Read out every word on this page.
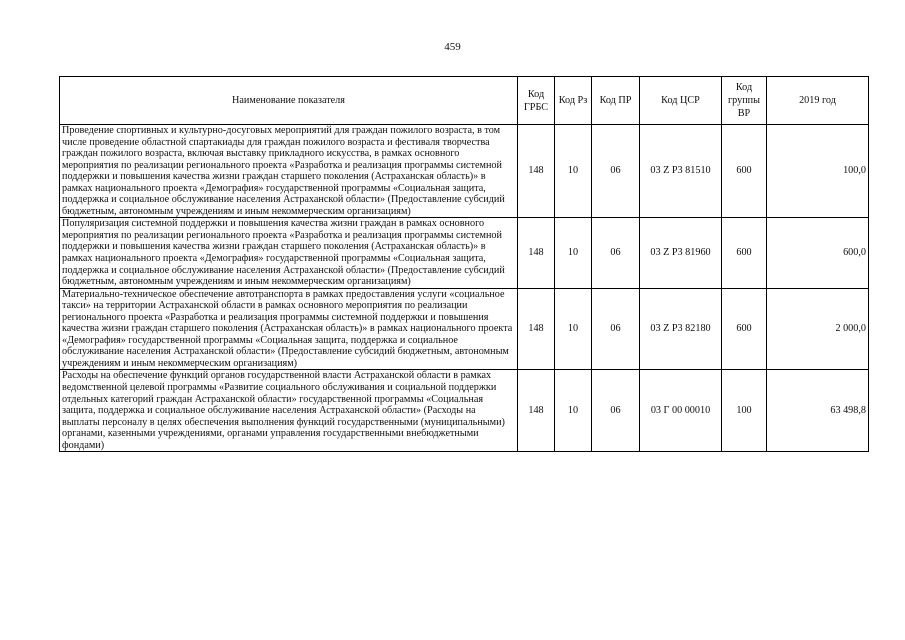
459
Наименование показателя	Код ГРБС	Код Рз	Код ПР	Код ЦСР	Код группы ВР	2019 год
Проведение спортивных и культурно-досуговых мероприятий для граждан пожилого возраста, в том числе проведение областной спартакиады для граждан пожилого возраста и фестиваля творчества граждан пожилого возраста, включая выставку прикладного искусства, в рамках основного мероприятия по реализации регионального проекта «Разработка и реализация программы системной поддержки и повышения качества жизни граждан старшего поколения (Астраханская область)» в рамках национального проекта «Демография» государственной программы «Социальная защита, поддержка и социальное обслуживание населения Астраханской области» (Предоставление субсидий бюджетным, автономным учреждениям и иным некоммерческим организациям)	148	10	06	03 Z P3 81510	600	100,0
Популяризация системной поддержки и повышения качества жизни граждан в рамках основного мероприятия по реализации регионального проекта «Разработка и реализация программы системной поддержки и повышения качества жизни граждан старшего поколения (Астраханская область)» в рамках национального проекта «Демография» государственной программы «Социальная защита, поддержка и социальное обслуживание населения Астраханской области» (Предоставление субсидий бюджетным, автономным учреждениям и иным некоммерческим организациям)	148	10	06	03 Z P3 81960	600	600,0
Материально-техническое обеспечение автотранспорта в рамках предоставления услуги «социальное такси» на территории Астраханской области в рамках основного мероприятия по реализации регионального проекта «Разработка и реализация программы системной поддержки и повышения качества жизни граждан старшего поколения (Астраханская область)» в рамках национального проекта «Демография» государственной программы «Социальная защита, поддержка и социальное обслуживание населения Астраханской области» (Предоставление субсидий бюджетным, автономным учреждениям и иным некоммерческим организациям)	148	10	06	03 Z P3 82180	600	2 000,0
Расходы на обеспечение функций органов государственной власти Астраханской области в рамках ведомственной целевой программы «Развитие социального обслуживания и социальной поддержки отдельных категорий граждан Астраханской области» государственной программы «Социальная защита, поддержка и социальное обслуживание населения Астраханской области» (Расходы на выплаты персоналу в целях обеспечения выполнения функций государственными (муниципальными) органами, казенными учреждениями, органами управления государственными внебюджетными фондами)	148	10	06	03 Г 00 00010	100	63 498,8
